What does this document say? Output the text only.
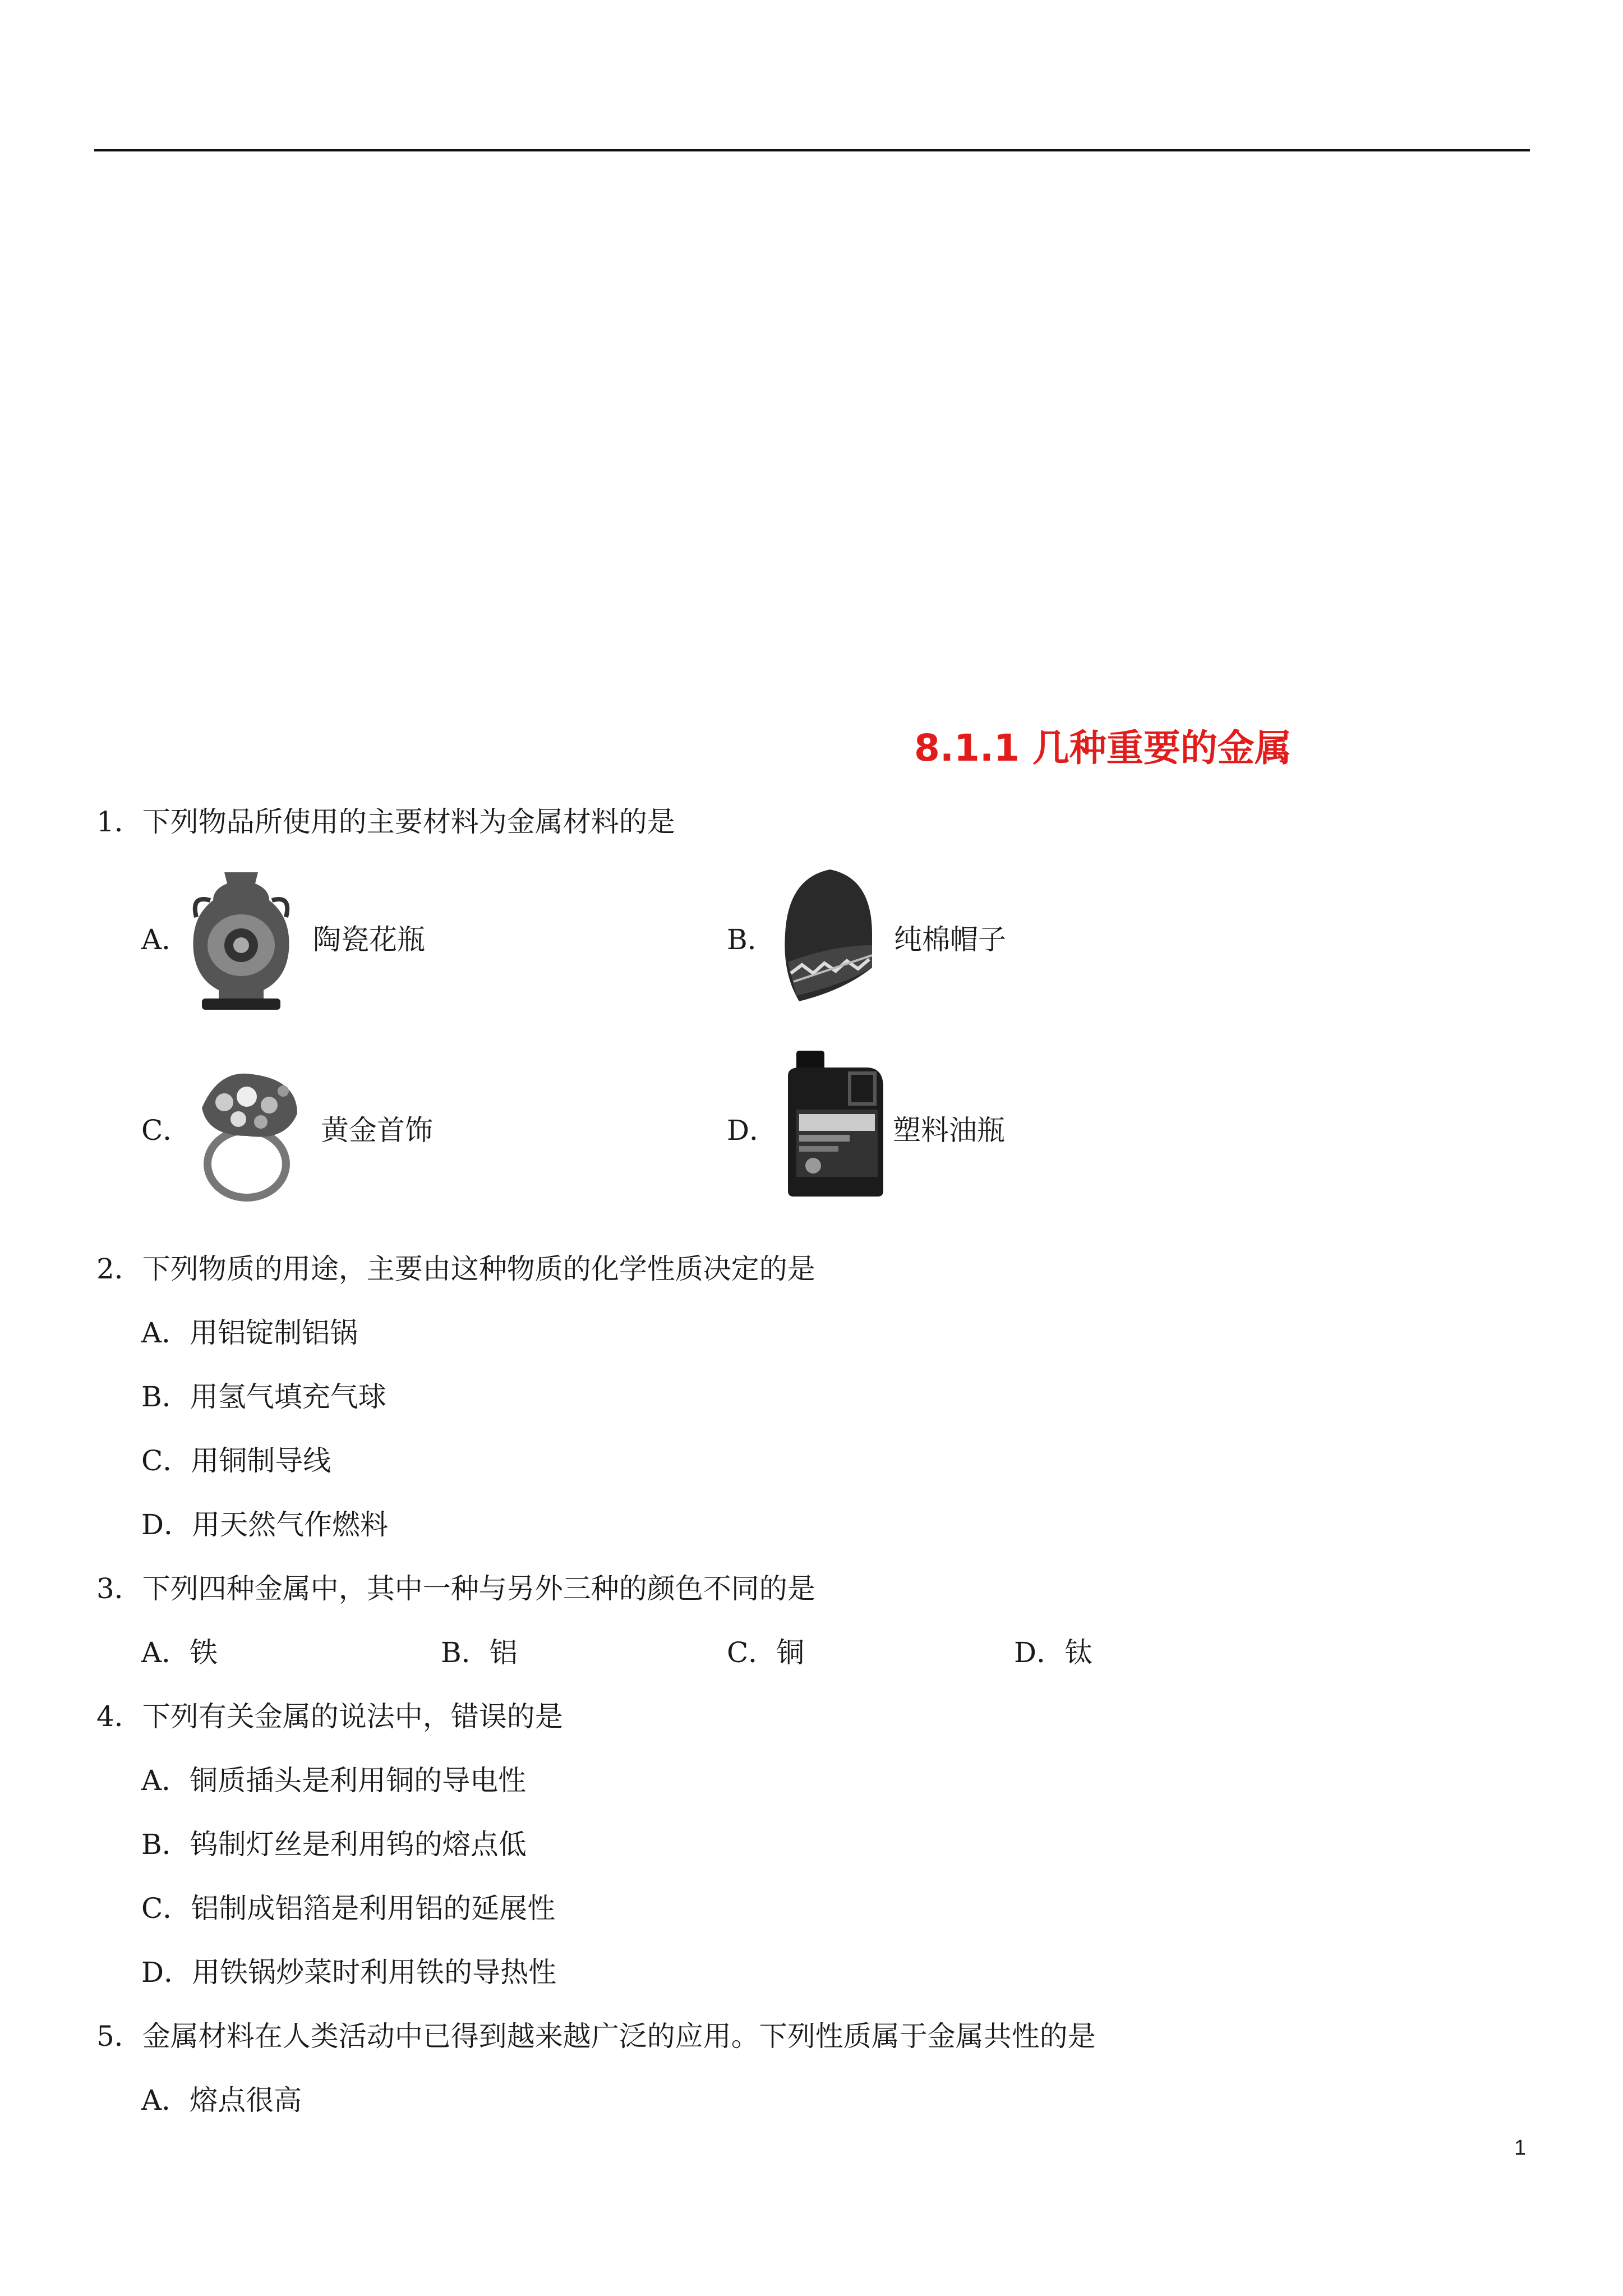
8.1.1 几种重要的金属
1．下列物品所使用的主要材料为金属材料的是
A．	陶瓷花瓶	B．	纯棉帽子
C．	黄金首饰	D．	塑料油瓶
2．下列物质的用途，主要由这种物质的化学性质决定的是
A．用铝锭制铝锅
B．用氢气填充气球
C．用铜制导线
D．用天然气作燃料
3．下列四种金属中，其中一种与另外三种的颜色不同的是
A．铁	B．铝	C．铜	D．钛
4．下列有关金属的说法中，错误的是
A．铜质插头是利用铜的导电性
B．钨制灯丝是利用钨的熔点低
C．铝制成铝箔是利用铝的延展性
D．用铁锅炒菜时利用铁的导热性
5．金属材料在人类活动中已得到越来越广泛的应用。下列性质属于金属共性的是
A．熔点很高
1
